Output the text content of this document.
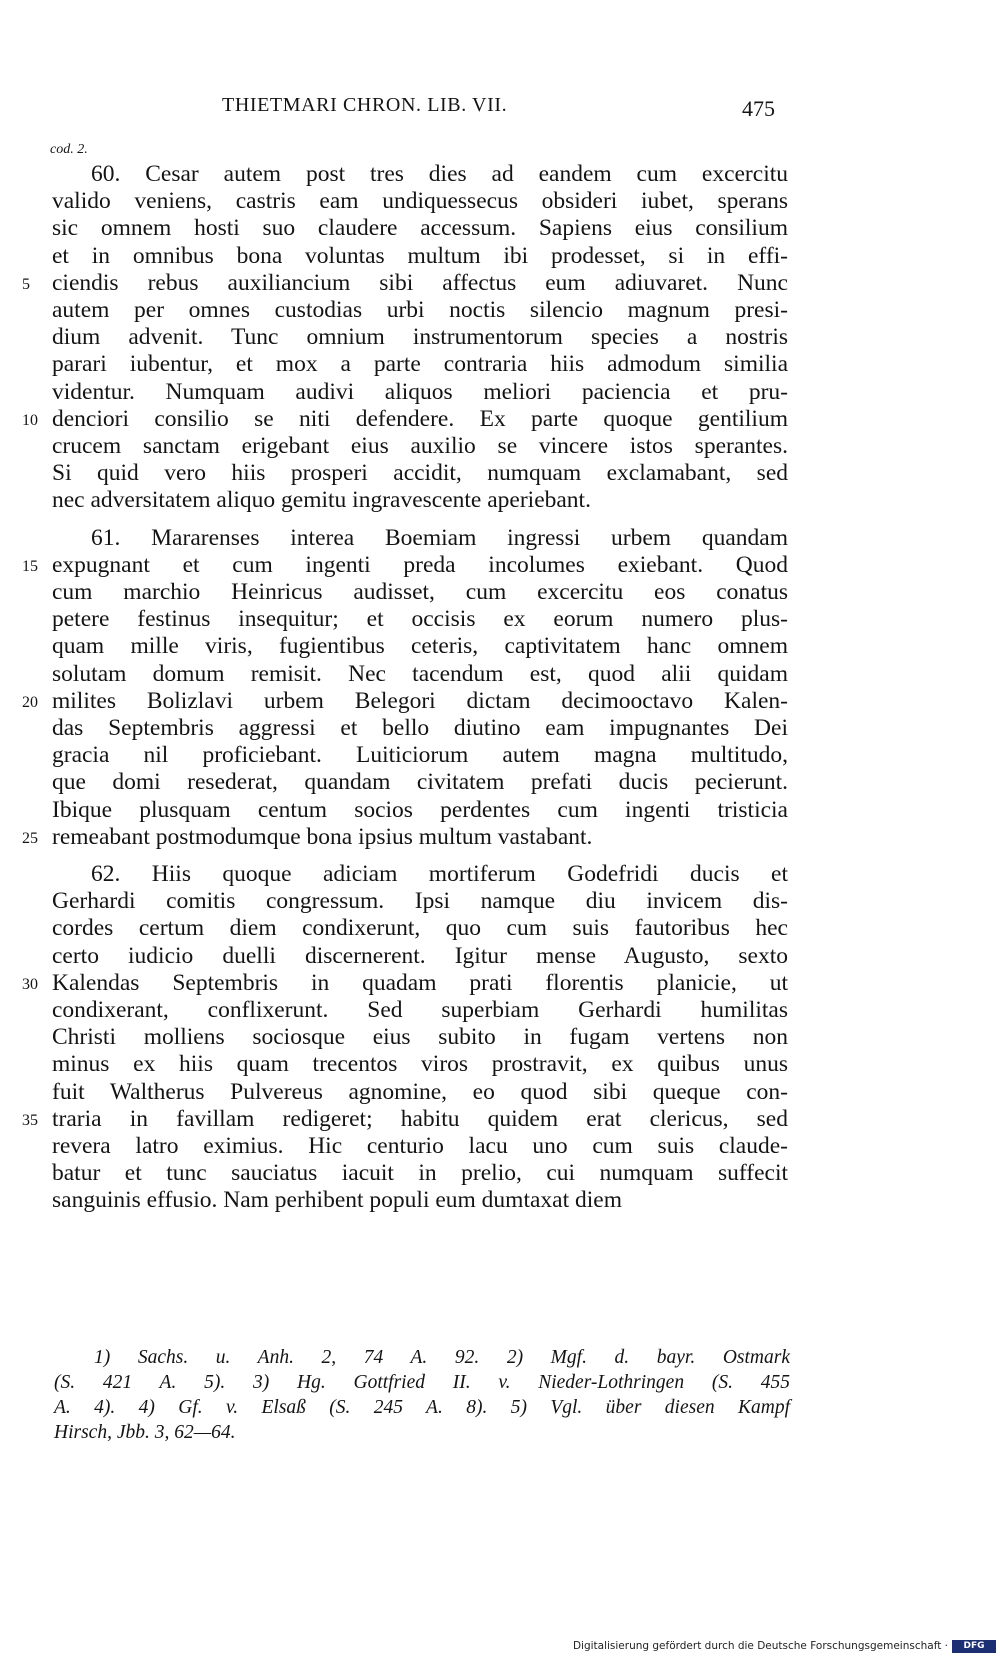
THIETMARI CHRON. LIB. VII.	475
cod. 2.
60. Cesar autem post tres dies ad eandem cum excercitu
valido veniens, castris eam undiquessecus obsideri iubet, sperans
sic omnem hosti suo claudere accessum. Sapiens eius consilium
et in omnibus bona voluntas multum ibi prodesset, si in effi-
ciendis rebus auxiliancium sibi affectus eum adiuvaret. Nunc
5
autem per omnes custodias urbi noctis silencio magnum presi-
dium advenit. Tunc omnium instrumentorum species a nostris
parari iubentur, et mox a parte contraria hiis admodum similia
videntur. Numquam audivi aliquos meliori paciencia et pru-
denciori consilio se niti defendere. Ex parte quoque gentilium
10
crucem sanctam erigebant eius auxilio se vincere istos sperantes.
Si quid vero hiis prosperi accidit, numquam exclamabant, sed
nec adversitatem aliquo gemitu ingravescente aperiebant.
61. Mararenses interea Boemiam ingressi urbem quandam
expugnant et cum ingenti preda incolumes exiebant. Quod
15
cum marchio Heinricus audisset, cum excercitu eos conatus
petere festinus insequitur; et occisis ex eorum numero plus-
quam mille viris, fugientibus ceteris, captivitatem hanc omnem
solutam domum remisit. Nec tacendum est, quod alii quidam
milites Bolizlavi urbem Belegori dictam decimooctavo Kalen-
20
das Septembris aggressi et bello diutino eam impugnantes Dei
gracia nil proficiebant. Luiticiorum autem magna multitudo,
que domi resederat, quandam civitatem prefati ducis pecierunt.
Ibique plusquam centum socios perdentes cum ingenti tristicia
remeabant postmodumque bona ipsius multum vastabant.
25
62. Hiis quoque adiciam mortiferum Godefridi ducis et
Gerhardi comitis congressum. Ipsi namque diu invicem dis-
cordes certum diem condixerunt, quo cum suis fautoribus hec
certo iudicio duelli discernerent. Igitur mense Augusto, sexto
Kalendas Septembris in quadam prati florentis planicie, ut
30
condixerant, conflixerunt. Sed superbiam Gerhardi humilitas
Christi molliens sociosque eius subito in fugam vertens non
minus ex hiis quam trecentos viros prostravit, ex quibus unus
fuit Waltherus Pulvereus agnomine, eo quod sibi queque con-
traria in favillam redigeret; habitu quidem erat clericus, sed
35
revera latro eximius. Hic centurio lacu uno cum suis claude-
batur et tunc sauciatus iacuit in prelio, cui numquam suffecit
sanguinis effusio. Nam perhibent populi eum dumtaxat diem
1) Sachs. u. Anh. 2, 74 A. 92. 2) Mgf. d. bayr. Ostmark
(S. 421 A. 5). 3) Hg. Gottfried II. v. Nieder-Lothringen (S. 455
A. 4). 4) Gf. v. Elsaß (S. 245 A. 8). 5) Vgl. über diesen Kampf
Hirsch, Jbb. 3, 62—64.
Digitalisierung gefördert durch die Deutsche Forschungsgemeinschaft ·	DFG
